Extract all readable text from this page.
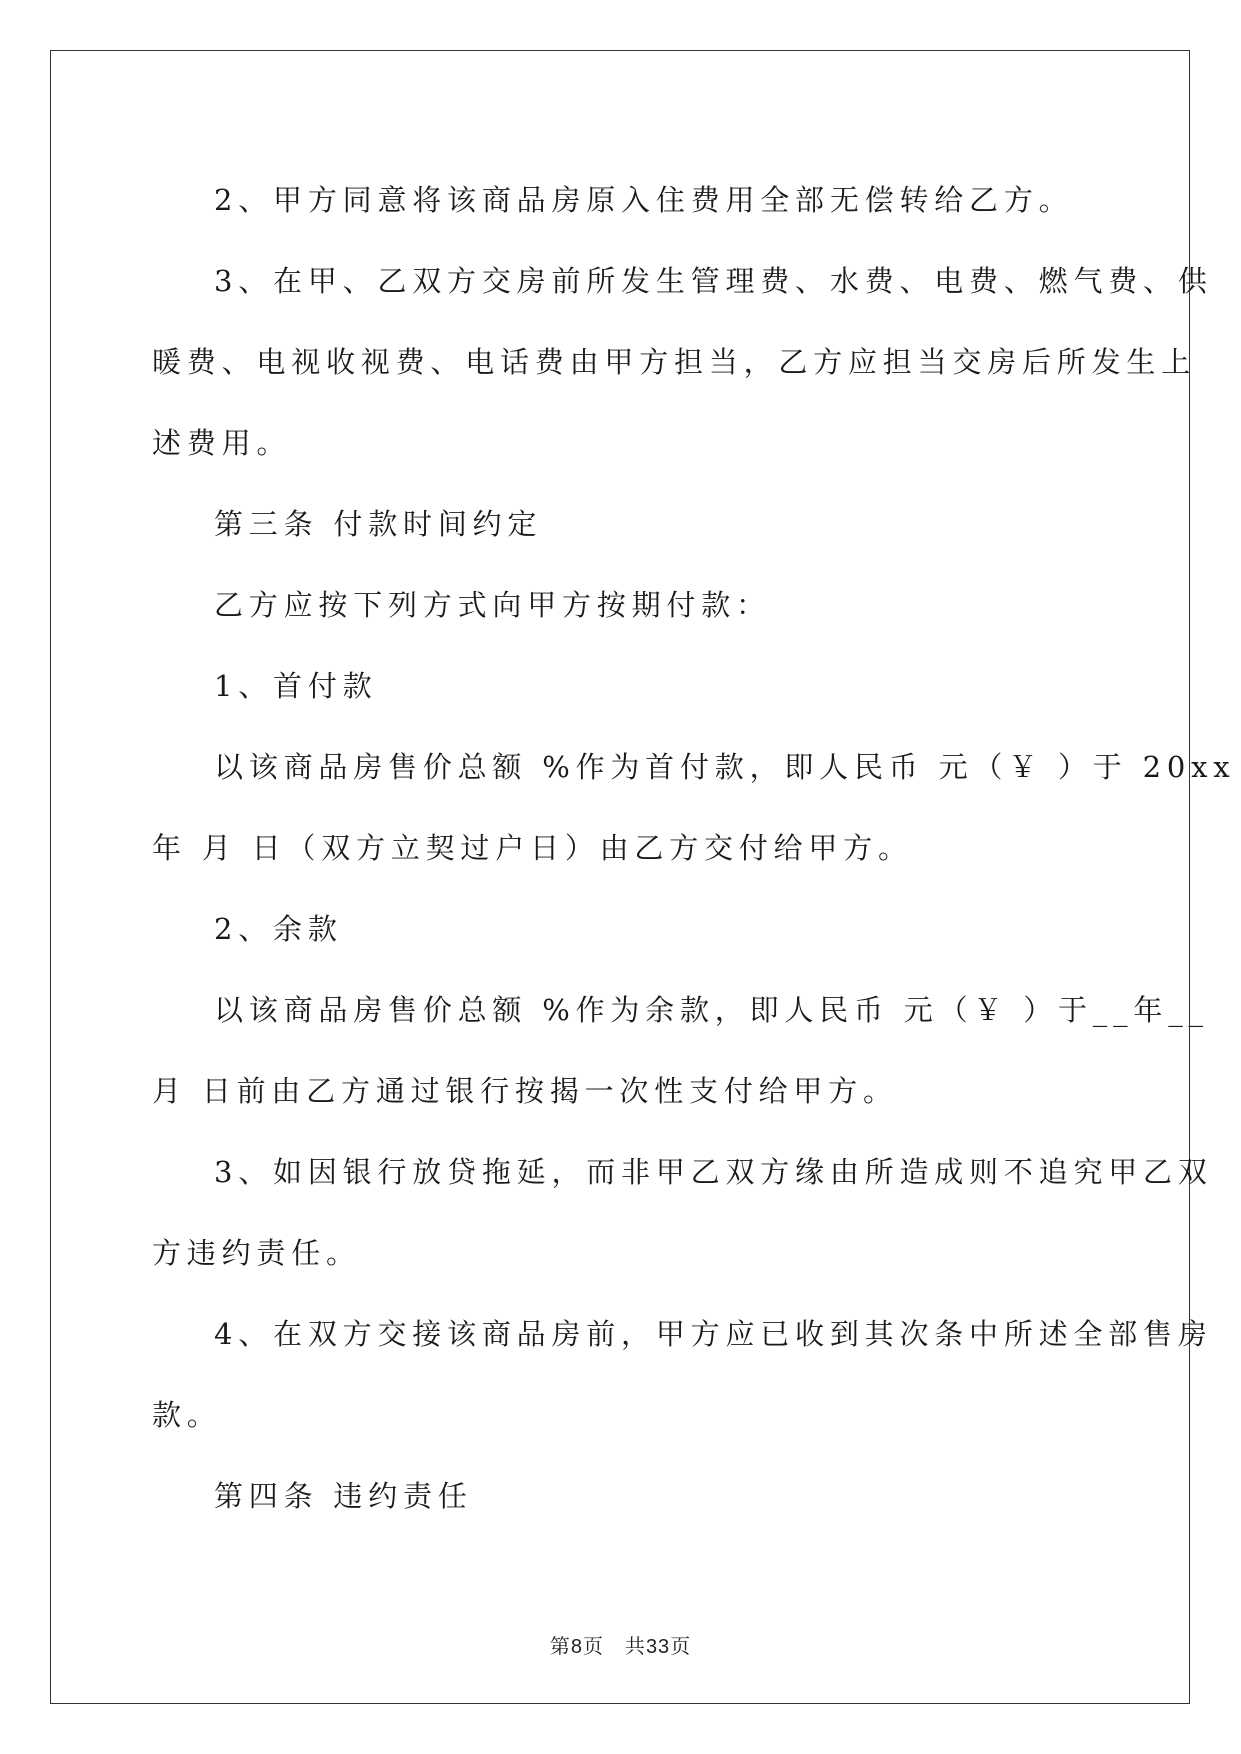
2、甲方同意将该商品房原入住费用全部无偿转给乙方。

3、在甲、乙双方交房前所发生管理费、水费、电费、燃气费、供

暖费、电视收视费、电话费由甲方担当，乙方应担当交房后所发生上

述费用。

第三条 付款时间约定

乙方应按下列方式向甲方按期付款：

1、首付款

以该商品房售价总额 %作为首付款，即人民币 元（￥ ）于 20xx

年 月 日（双方立契过户日）由乙方交付给甲方。

2、余款

以该商品房售价总额 %作为余款，即人民币 元（￥ ）于__年__

月 日前由乙方通过银行按揭一次性支付给甲方。

3、如因银行放贷拖延，而非甲乙双方缘由所造成则不追究甲乙双

方违约责任。

4、在双方交接该商品房前，甲方应已收到其次条中所述全部售房

款。

第四条 违约责任

第8页　共33页
